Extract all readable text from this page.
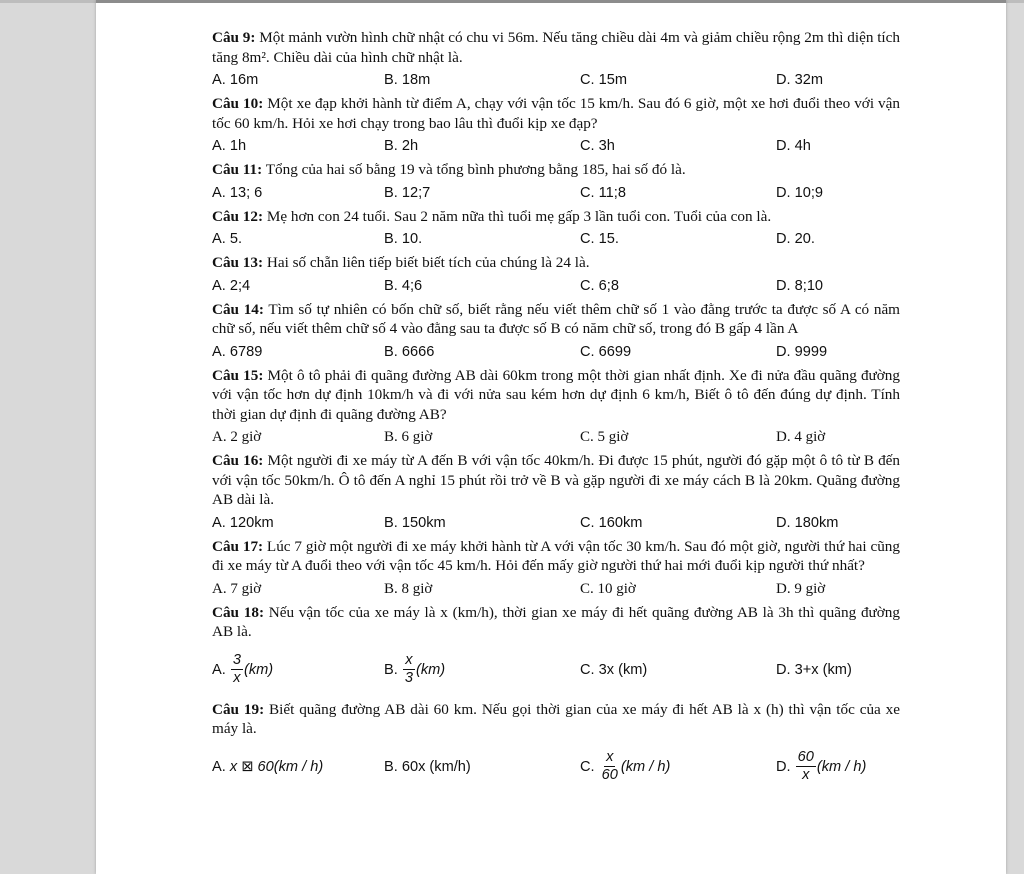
Câu 9: Một mảnh vườn hình chữ nhật có chu vi 56m. Nếu tăng chiều dài 4m và giảm chiều rộng 2m thì diện tích tăng 8m². Chiều dài của hình chữ nhật là.
A. 16m	B. 18m	C. 15m	D. 32m
Câu 10: Một xe đạp khởi hành từ điểm A, chạy với vận tốc 15 km/h. Sau đó 6 giờ, một xe hơi đuổi theo với vận tốc 60 km/h. Hỏi xe hơi chạy trong bao lâu thì đuổi kịp xe đạp?
A. 1h	B. 2h	C. 3h	D. 4h
Câu 11: Tổng của hai số bằng 19 và tổng bình phương bằng 185, hai số đó là.
A. 13; 6	B. 12;7	C. 11;8	D. 10;9
Câu 12: Mẹ hơn con 24 tuổi. Sau 2 năm nữa thì tuổi mẹ gấp 3 lần tuổi con. Tuổi của con là.
A. 5.	B. 10.	C. 15.	D. 20.
Câu 13: Hai số chẵn liên tiếp biết biết tích của chúng là 24 là.
A. 2;4	B. 4;6	C. 6;8	D. 8;10
Câu 14: Tìm số tự nhiên có bốn chữ số, biết rằng nếu viết thêm chữ số 1 vào đằng trước ta được số A có năm chữ số, nếu viết thêm chữ số 4 vào đằng sau ta được số B có năm chữ số, trong đó B gấp 4 lần A
A. 6789	B. 6666	C. 6699	D. 9999
Câu 15: Một ô tô phải đi quãng đường AB dài 60km trong một thời gian nhất định. Xe đi nửa đầu quãng đường với vận tốc hơn dự định 10km/h và đi với nửa sau kém hơn dự định 6 km/h, Biết ô tô đến đúng dự định. Tính thời gian dự định đi quãng đường AB?
A. 2 giờ	B. 6 giờ	C. 5 giờ	D. 4 giờ
Câu 16: Một người đi xe máy từ A đến B với vận tốc 40km/h. Đi được 15 phút, người đó gặp một ô tô từ B đến với vận tốc 50km/h. Ô tô đến A nghỉ 15 phút rồi trở về B và gặp người đi xe máy cách B là 20km. Quãng đường AB dài là.
A. 120km	B. 150km	C. 160km	D. 180km
Câu 17: Lúc 7 giờ một người đi xe máy khởi hành từ A với vận tốc 30 km/h. Sau đó một giờ, người thứ hai cũng đi xe máy từ A đuổi theo với vận tốc 45 km/h. Hỏi đến mấy giờ người thứ hai mới đuổi kịp người thứ nhất?
A. 7 giờ	B. 8 giờ	C. 10 giờ	D. 9 giờ
Câu 18: Nếu vận tốc của xe máy là x (km/h), thời gian xe máy đi hết quãng đường AB là 3h thì quãng đường AB là.
A. $\frac{3}{x} (km)$	B. $\frac{x}{3} (km)$	C. 3x (km)	D. 3+x (km)
Câu 19: Biết quãng đường AB dài 60 km. Nếu gọi thời gian của xe máy đi hết AB là x (h) thì vận tốc của xe máy là.
A. x ⊠ 60(km / h)	B. 60x (km/h)	C. $\frac{x}{60} (km / h)$	D. $\frac{60}{x} (km / h)$
